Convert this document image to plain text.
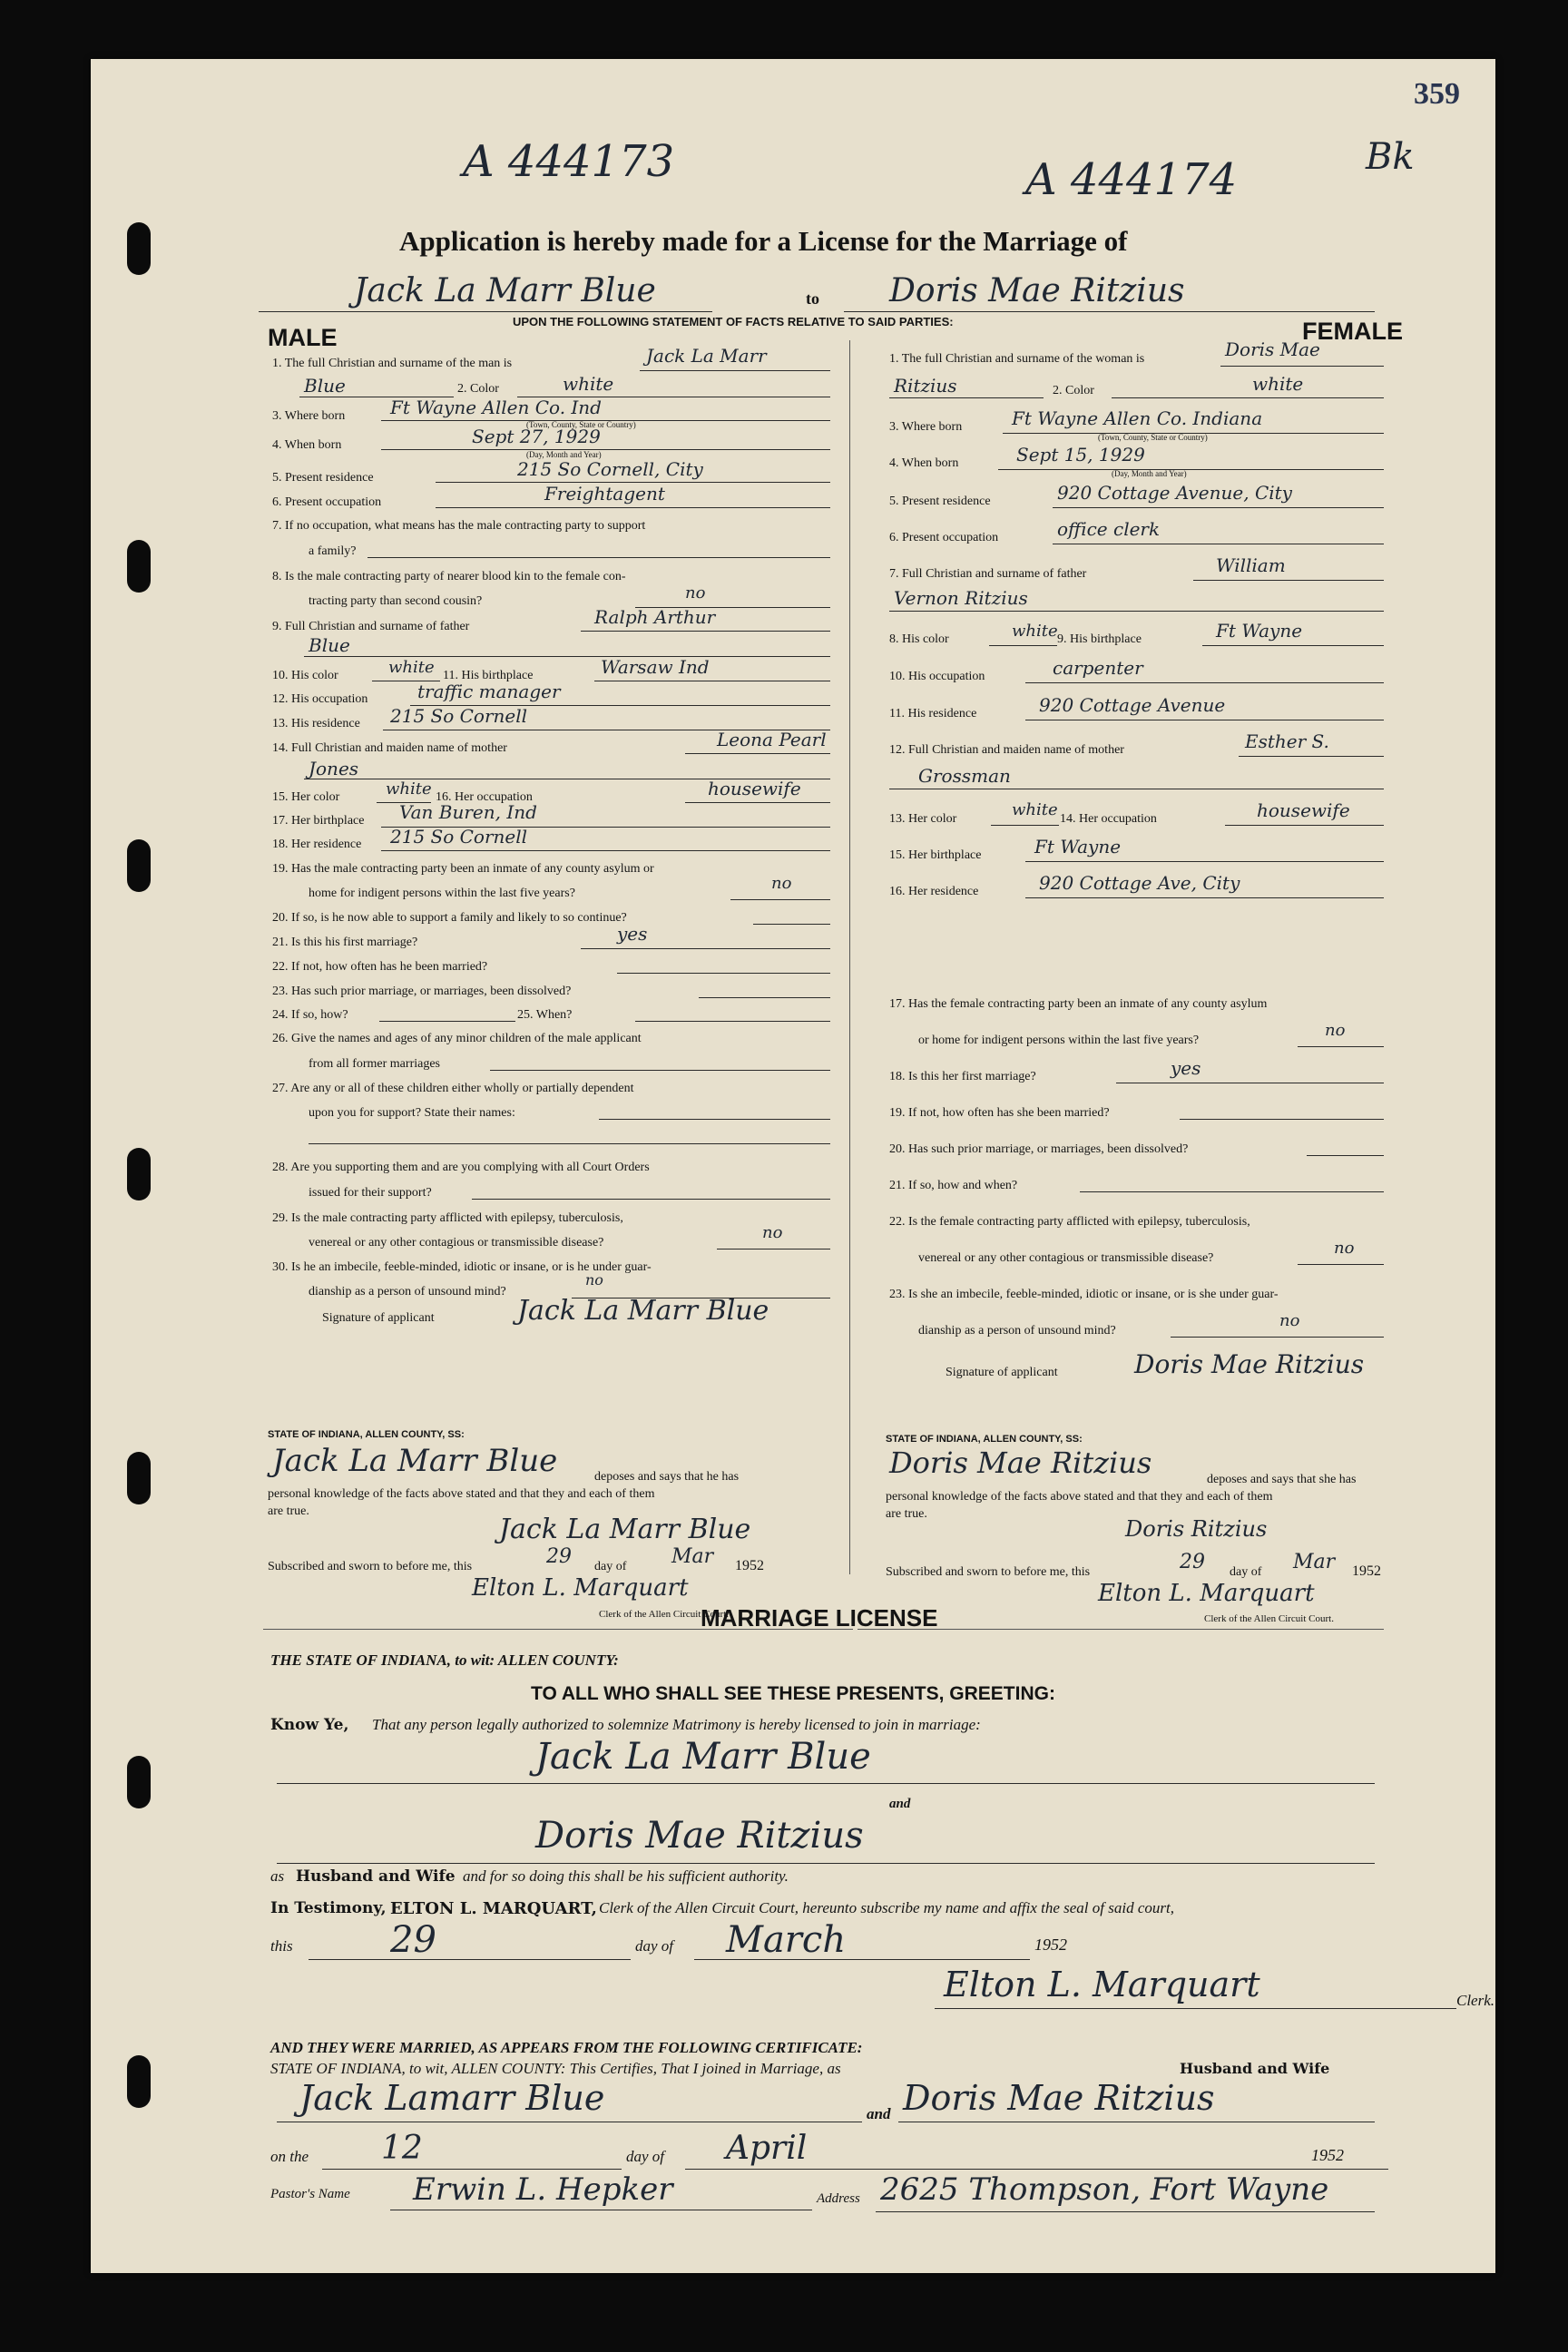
359
A 444173	A 444174	Bk
Application is hereby made for a License for the Marriage of
Jack La Marr Blue	to Doris Mae Ritzius
UPON THE FOLLOWING STATEMENT OF FACTS RELATIVE TO SAID PARTIES:
MALE	FEMALE
1. The full Christian and surname of the man is	Jack La Marr
Blue	2. Color	white
3. Where born Ft Wayne Allen Co. Ind
(Town, County, State or Country)
4. When born	Sept 27, 1929
(Day, Month and Year)
5. Present residence	215 So Cornell, City
6. Present occupation	Freightagent
7. If no occupation, what means has the male contracting party to support
a family?
8. Is the male contracting party of nearer blood kin to the female con-
tracting party than second cousin?	no
9. Full Christian and surname of father	Ralph Arthur
Blue
10. His color	white 11. His birthplace	Warsaw Ind
12. His occupation	traffic manager
13. His residence 215 So Cornell
14. Full Christian and maiden name of mother	Leona Pearl
Jones
15. Her color	white 16. Her occupation	housewife
17. Her birthplace Van Buren, Ind
18. Her residence 215 So Cornell
19. Has the male contracting party been an inmate of any county asylum or
home for indigent persons within the last five years?
no
20. If so, is he now able to support a family and likely to so continue?
21. Is this his first marriage?	yes
22. If not, how often has he been married?
23. Has such prior marriage, or marriages, been dissolved?
24. If so, how?	25. When?
26. Give the names and ages of any minor children of the male applicant
from all former marriages
27. Are any or all of these children either wholly or partially dependent
upon you for support? State their names:
28. Are you supporting them and are you complying with all Court Orders
issued for their support?
29. Is the male contracting party afflicted with epilepsy, tuberculosis,
venereal or any other contagious or transmissible disease?
no
30. Is he an imbecile, feeble-minded, idiotic or insane, or is he under guar-
dianship as a person of unsound mind?
no
Signature of applicant	Jack La Marr Blue
1. The full Christian and surname of the woman is	Doris Mae
Ritzius	2. Color	white
3. Where born	Ft Wayne Allen Co. Indiana
(Town, County, State or Country)
4. When born	Sept 15, 1929
(Day, Month and Year)
5. Present residence	920 Cottage Avenue, City
6. Present occupation	office clerk
7. Full Christian and surname of father	William
Vernon Ritzius
8. His color	white 9. His birthplace	Ft Wayne
10. His occupation	carpenter
11. His residence	920 Cottage Avenue
12. Full Christian and maiden name of mother	Esther S.
Grossman
13. Her color	white 14. Her occupation	housewife
15. Her birthplace	Ft Wayne
16. Her residence	920 Cottage Ave, City
17. Has the female contracting party been an inmate of any county asylum
or home for indigent persons within the last five years?
no
18. Is this her first marriage?	yes
19. If not, how often has she been married?
20. Has such prior marriage, or marriages, been dissolved?
21. If so, how and when?
22. Is the female contracting party afflicted with epilepsy, tuberculosis,
venereal or any other contagious or transmissible disease?
no
23. Is she an imbecile, feeble-minded, idiotic or insane, or is she under guar-
dianship as a person of unsound mind?
no
Signature of applicant	Doris Mae Ritzius
STATE OF INDIANA, ALLEN COUNTY, SS:
Jack La Marr Blue	deposes and says that he has
personal knowledge of the facts above stated and that they and each of them
are true.
Jack La Marr Blue
Subscribed and sworn to before me, this	29 day of Mar 1952
Elton L. Marquart
Clerk of the Allen Circuit Court.
STATE OF INDIANA, ALLEN COUNTY, SS:
Doris Mae Ritzius	deposes and says that she has
personal knowledge of the facts above stated and that they and each of them
are true.
Doris Ritzius
Subscribed and sworn to before me, this	29 day of Mar 1952
Elton L. Marquart
Clerk of the Allen Circuit Court.
MARRIAGE LICENSE
THE STATE OF INDIANA, to wit: ALLEN COUNTY:
TO ALL WHO SHALL SEE THESE PRESENTS, GREETING:
Know Ye, That any person legally authorized to solemnize Matrimony is hereby licensed to join in marriage:
Jack La Marr Blue
and
Doris Mae Ritzius
as Husband and Wife and for so doing this shall be his sufficient authority.
In Testimony, ELTON L. MARQUART, Clerk of the Allen Circuit Court, hereunto subscribe my name and affix the seal of said court,
this	29	day of March	1952
Elton L. Marquart	Clerk.
AND THEY WERE MARRIED, AS APPEARS FROM THE FOLLOWING CERTIFICATE:
STATE OF INDIANA, to wit, ALLEN COUNTY: This Certifies, That I joined in Marriage, as	Husband and Wife
Jack Lamarr Blue	and Doris Mae Ritzius
on the 12	day of April	1952
Pastor's Name Erwin L. Hepker	Address 2625 Thompson, Fort Wayne
